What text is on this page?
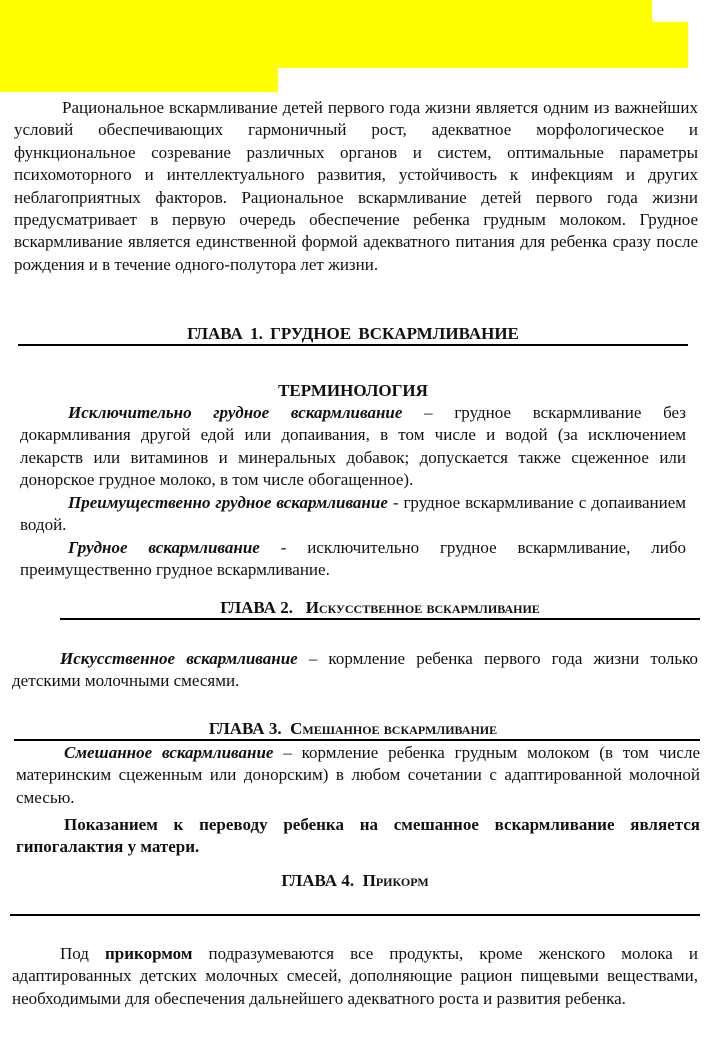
Рациональное вскармливание детей первого года жизни является одним из важнейших условий обеспечивающих гармоничный рост, адекватное морфологическое и функциональное созревание различных органов и систем, оптимальные параметры психомоторного и интеллектуального развития, устойчивость к инфекциям и других неблагоприятных факторов. Рациональное вскармливание детей первого года жизни предусматривает в первую очередь обеспечение ребенка грудным молоком. Грудное вскармливание является единственной формой адекватного питания для ребенка сразу после рождения и в течение одного-полутора лет жизни.

ГЛАВА 1. ГРУДНОЕ ВСКАРМЛИВАНИЕ
ТЕРМИНОЛОГИЯ

Исключительно грудное вскармливание – грудное вскармливание без докармливания другой едой или допаивания, в том числе и водой (за исключением лекарств или витаминов и минеральных добавок; допускается также сцеженное или донорское грудное молоко, в том числе обогащенное).

Преимущественно грудное вскармливание - грудное вскармливание с допаиванием водой.

Грудное вскармливание - исключительно грудное вскармливание, либо преимущественно грудное вскармливание.

ГЛАВА 2. Искусственное вскармливание

Искусственное вскармливание – кормление ребенка первого года жизни только детскими молочными смесями.

ГЛАВА 3. Смешанное вскармливание

Смешанное вскармливание – кормление ребенка грудным молоком (в том числе материнским сцеженным или донорским) в любом сочетании с адаптированной молочной смесью.

Показанием к переводу ребенка на смешанное вскармливание является гипогалактия у матери.

ГЛАВА 4. Прикорм

Под прикормом подразумеваются все продукты, кроме женского молока и адаптированных детских молочных смесей, дополняющие рацион пищевыми веществами, необходимыми для обеспечения дальнейшего адекватного роста и развития ребенка.
